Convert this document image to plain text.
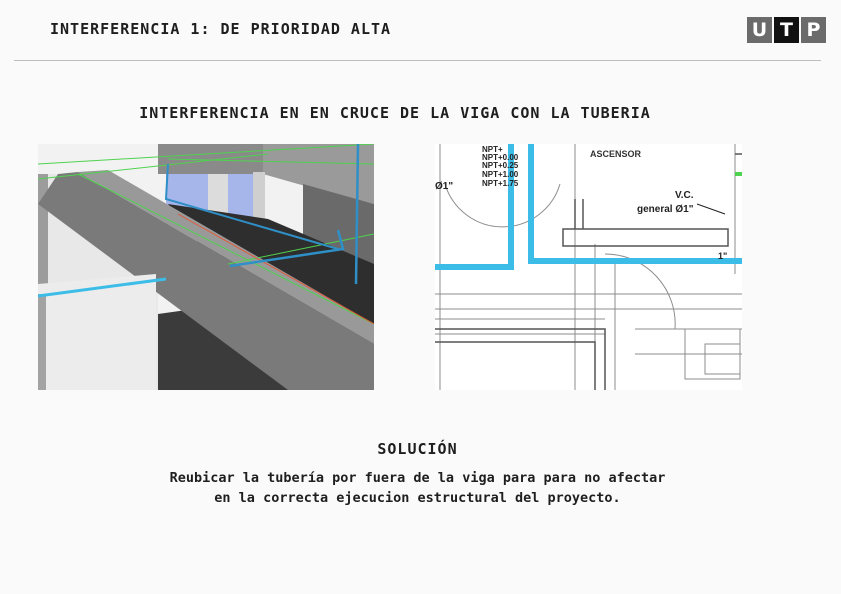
INTERFERENCIA 1: DE PRIORIDAD ALTA	U T P
INTERFERENCIA EN EN CRUCE DE LA VIGA CON LA TUBERIA
NPT+
NPT+0.00
NPT+0.25
NPT+1.00
NPT+1.75
Ø1"
ASCENSOR
V.C.
general Ø1"
1"
SOLUCIÓN
Reubicar la tubería por fuera de la viga para para no afectar
en la correcta ejecucion estructural del proyecto.
